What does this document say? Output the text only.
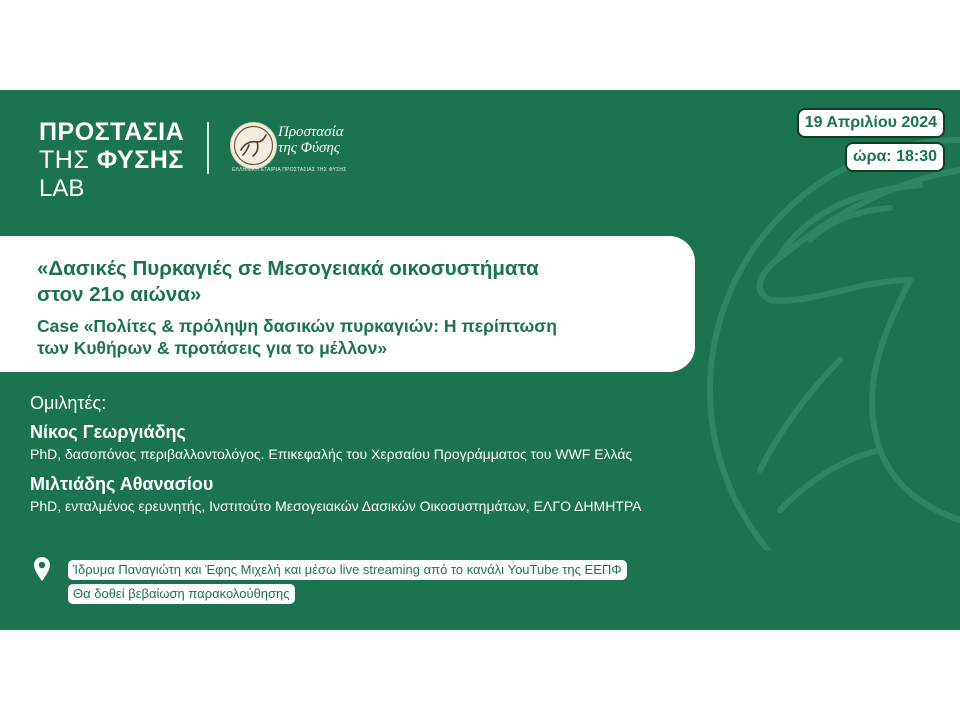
ΠΡΟΣΤΑΣΙΑ
ΤΗΣ ΦΥΣΗΣ
LAB
Προστασία
της Φύσης
ΕΛΛΗΝΙΚΗ ΕΤΑΙΡΙΑ ΠΡΟΣΤΑΣΙΑΣ ΤΗΣ ΦΥΣΗΣ
19 Απριλίου 2024
ώρα: 18:30
«Δασικές Πυρκαγιές σε Μεσογειακά οικοσυστήματα
στον 21ο αιώνα»
Case «Πολίτες & πρόληψη δασικών πυρκαγιών: Η περίπτωση
των Κυθήρων & προτάσεις για το μέλλον»
Ομιλητές:
Νίκος Γεωργιάδης
PhD, δασοπόνος περιβαλλοντολόγος. Επικεφαλής του Χερσαίου Προγράμματος του WWF Ελλάς
Μιλτιάδης Αθανασίου
PhD, ενταλμένος ερευνητής, Ινστιτούτο Μεσογειακών Δασικών Οικοσυστημάτων, ΕΛΓΟ ΔΗΜΗΤΡΑ
Ίδρυμα Παναγιώτη και Έφης Μιχελή και μέσω live streaming από το κανάλι YouTube της ΕΕΠΦ
Θα δοθεί βεβαίωση παρακολούθησης
